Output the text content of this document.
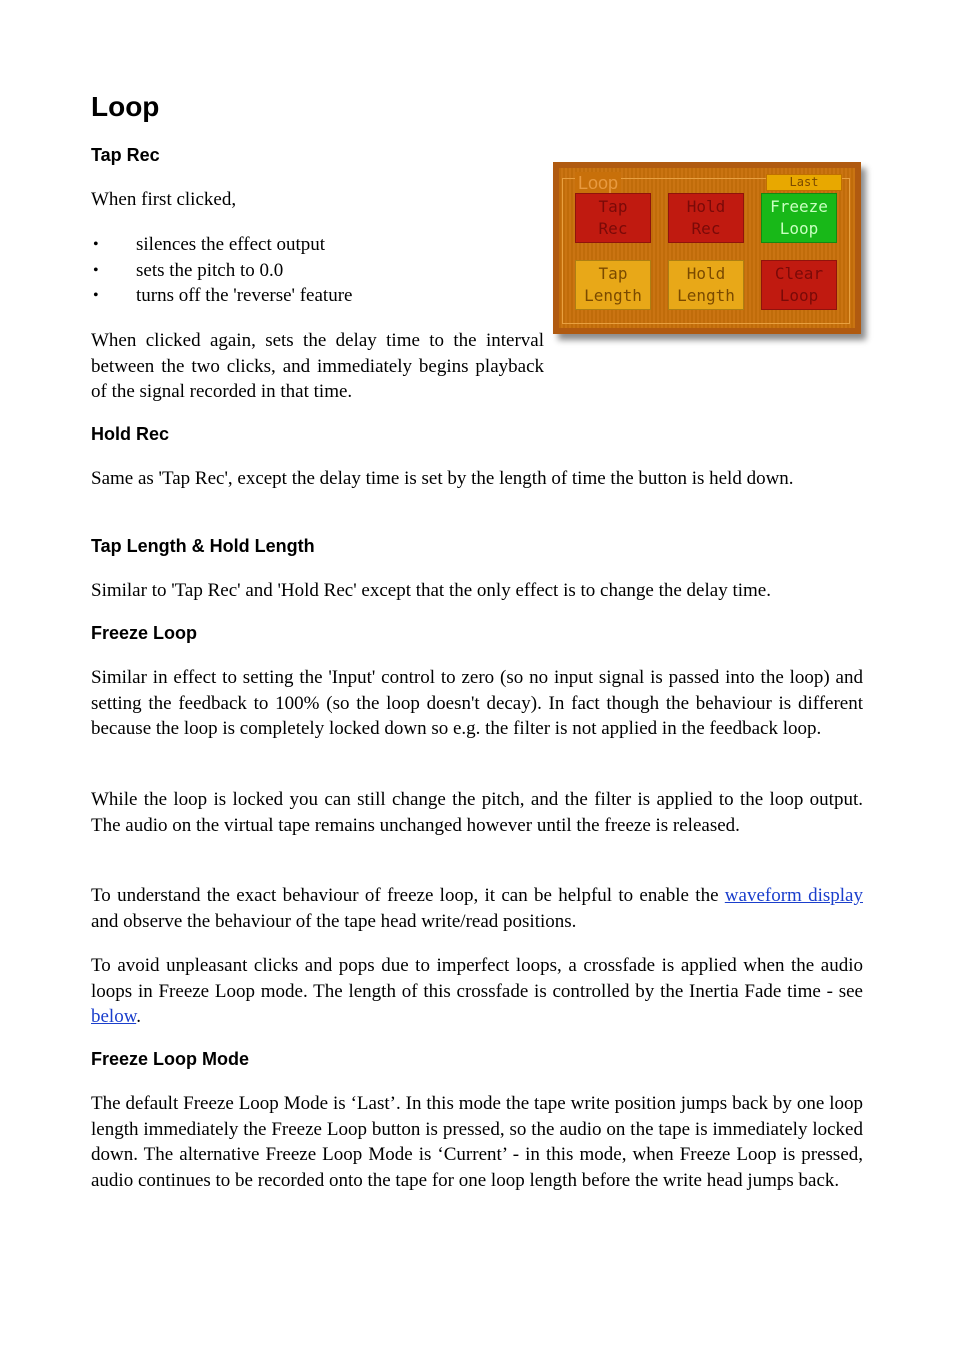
Loop
Tap Rec

When first clicked,

• silences the effect output
• sets the pitch to 0.0
• turns off the 'reverse' feature

When clicked again, sets the delay time to the interval between the two clicks, and immediately begins playback of the signal recorded in that time.

Hold Rec

Same as 'Tap Rec', except the delay time is set by the length of time the button is held down.

Tap Length & Hold Length

Similar to 'Tap Rec' and 'Hold Rec' except that the only effect is to change the delay time.

Freeze Loop

Similar in effect to setting the 'Input' control to zero (so no input signal is passed into the loop) and setting the feedback to 100% (so the loop doesn't decay). In fact though the behaviour is different because the loop is completely locked down so e.g. the filter is not applied in the feedback loop.

While the loop is locked you can still change the pitch, and the filter is applied to the loop output. The audio on the virtual tape remains unchanged however until the freeze is released.

To understand the exact behaviour of freeze loop, it can be helpful to enable the waveform display and observe the behaviour of the tape head write/read positions.

To avoid unpleasant clicks and pops due to imperfect loops, a crossfade is applied when the audio loops in Freeze Loop mode. The length of this crossfade is controlled by the Inertia Fade time - see below.

Freeze Loop Mode

The default Freeze Loop Mode is ‘Last’. In this mode the tape write position jumps back by one loop length immediately the Freeze Loop button is pressed, so the audio on the tape is immediately locked down. The alternative Freeze Loop Mode is ‘Current’ - in this mode, when Freeze Loop is pressed, audio continues to be recorded onto the tape for one loop length before the write head jumps back.

Loop	Last
Tap
Rec
Hold
Rec
Freeze
Loop
Tap
Length
Hold
Length
Clear
Loop
